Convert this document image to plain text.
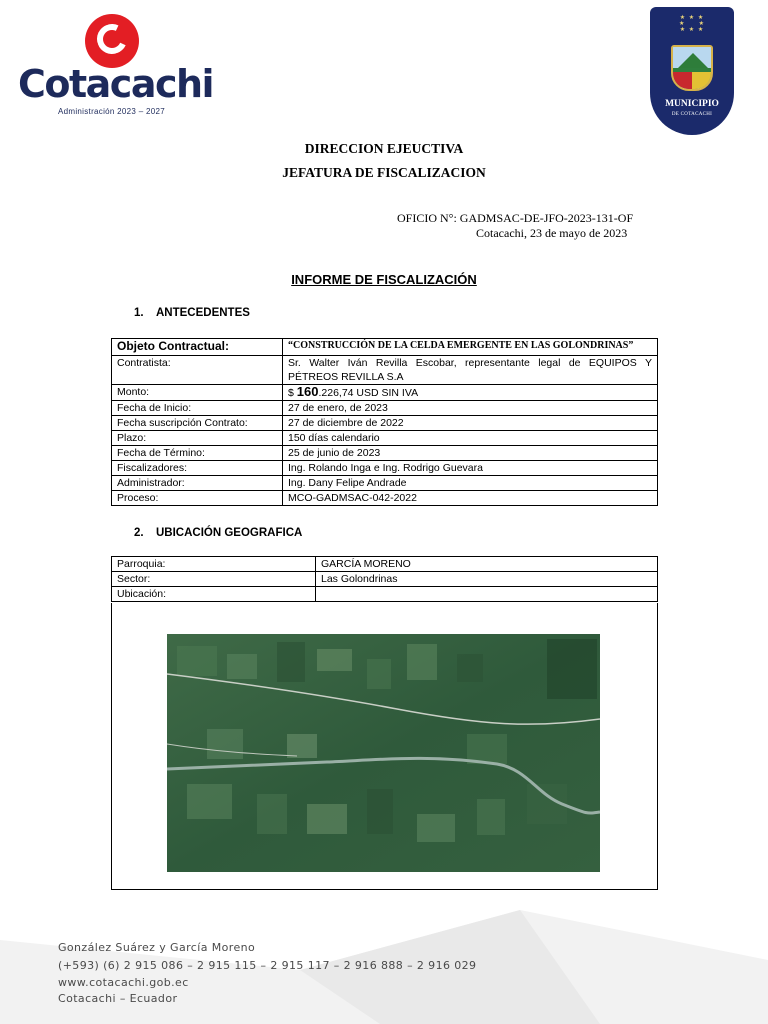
Cotacachi
Administración 2023 – 2027
★ ★ ★
★     ★
★ ★ ★
MUNICIPIO
DE COTACACHI
DIRECCION EJEUCTIVA
JEFATURA DE FISCALIZACION
OFICIO N°: GADMSAC-DE-JFO-2023-131-OF
Cotacachi, 23 de mayo de 2023
INFORME DE FISCALIZACIÓN
1. ANTECEDENTES
Objeto Contractual:	“CONSTRUCCIÓN DE LA CELDA EMERGENTE EN LAS GOLONDRINAS”
Contratista:	Sr. Walter Iván Revilla Escobar, representante legal de EQUIPOS Y PÉTREOS REVILLA S.A
Monto:	$ 160.226,74 USD SIN IVA
Fecha de Inicio:	27 de enero, de 2023
Fecha suscripción Contrato:	27 de diciembre de 2022
Plazo:	150 días calendario
Fecha de Término:	25 de junio de 2023
Fiscalizadores:	Ing. Rolando Inga e Ing. Rodrigo Guevara
Administrador:	Ing. Dany Felipe Andrade
Proceso:	MCO-GADMSAC-042-2022
2. UBICACIÓN GEOGRAFICA
Parroquia:	GARCÍA MORENO
Sector:	Las Golondrinas
Ubicación:	
González Suárez y García Moreno
(+593) (6) 2 915 086 – 2 915 115 – 2 915 117 – 2 916 888 – 2 916 029
www.cotacachi.gob.ec
Cotacachi – Ecuador
